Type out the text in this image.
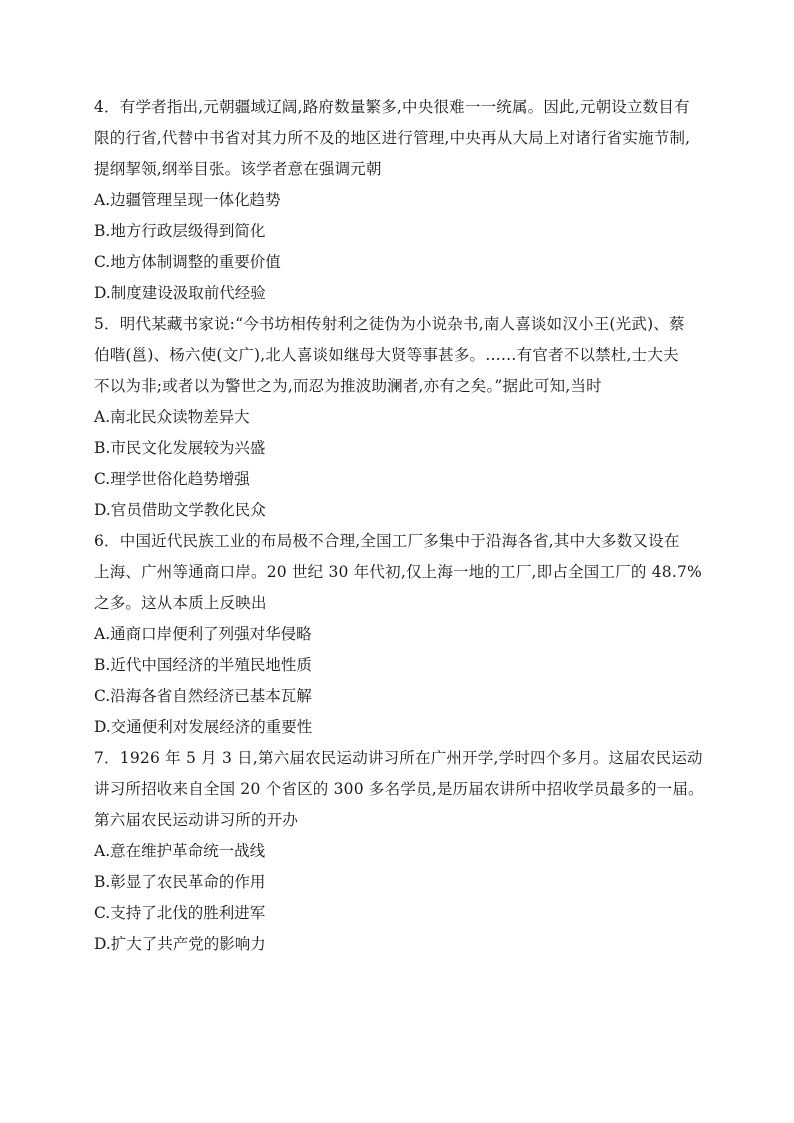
4．有学者指出,元朝疆域辽阔,路府数量繁多,中央很难一一统属。因此,元朝设立数目有
限的行省,代替中书省对其力所不及的地区进行管理,中央再从大局上对诸行省实施节制,
提纲挈领,纲举目张。该学者意在强调元朝
A.边疆管理呈现一体化趋势
B.地方行政层级得到简化
C.地方体制调整的重要价值
D.制度建设汲取前代经验
5．明代某藏书家说:“今书坊相传射利之徒伪为小说杂书,南人喜谈如汉小王(光武)、蔡
伯喈(邕)、杨六使(文广),北人喜谈如继母大贤等事甚多。……有官者不以禁杜,士大夫
不以为非;或者以为警世之为,而忍为推波助澜者,亦有之矣。”据此可知,当时
A.南北民众读物差异大
B.市民文化发展较为兴盛
C.理学世俗化趋势增强
D.官员借助文学教化民众
6．中国近代民族工业的布局极不合理,全国工厂多集中于沿海各省,其中大多数又设在
上海、广州等通商口岸。20 世纪 30 年代初,仅上海一地的工厂,即占全国工厂的 48.7%
之多。这从本质上反映出
A.通商口岸便利了列强对华侵略
B.近代中国经济的半殖民地性质
C.沿海各省自然经济已基本瓦解
D.交通便利对发展经济的重要性
7．1926 年 5 月 3 日,第六届农民运动讲习所在广州开学,学时四个多月。这届农民运动
讲习所招收来自全国 20 个省区的 300 多名学员,是历届农讲所中招收学员最多的一届。
第六届农民运动讲习所的开办
A.意在维护革命统一战线
B.彰显了农民革命的作用
C.支持了北伐的胜利进军
D.扩大了共产党的影响力
